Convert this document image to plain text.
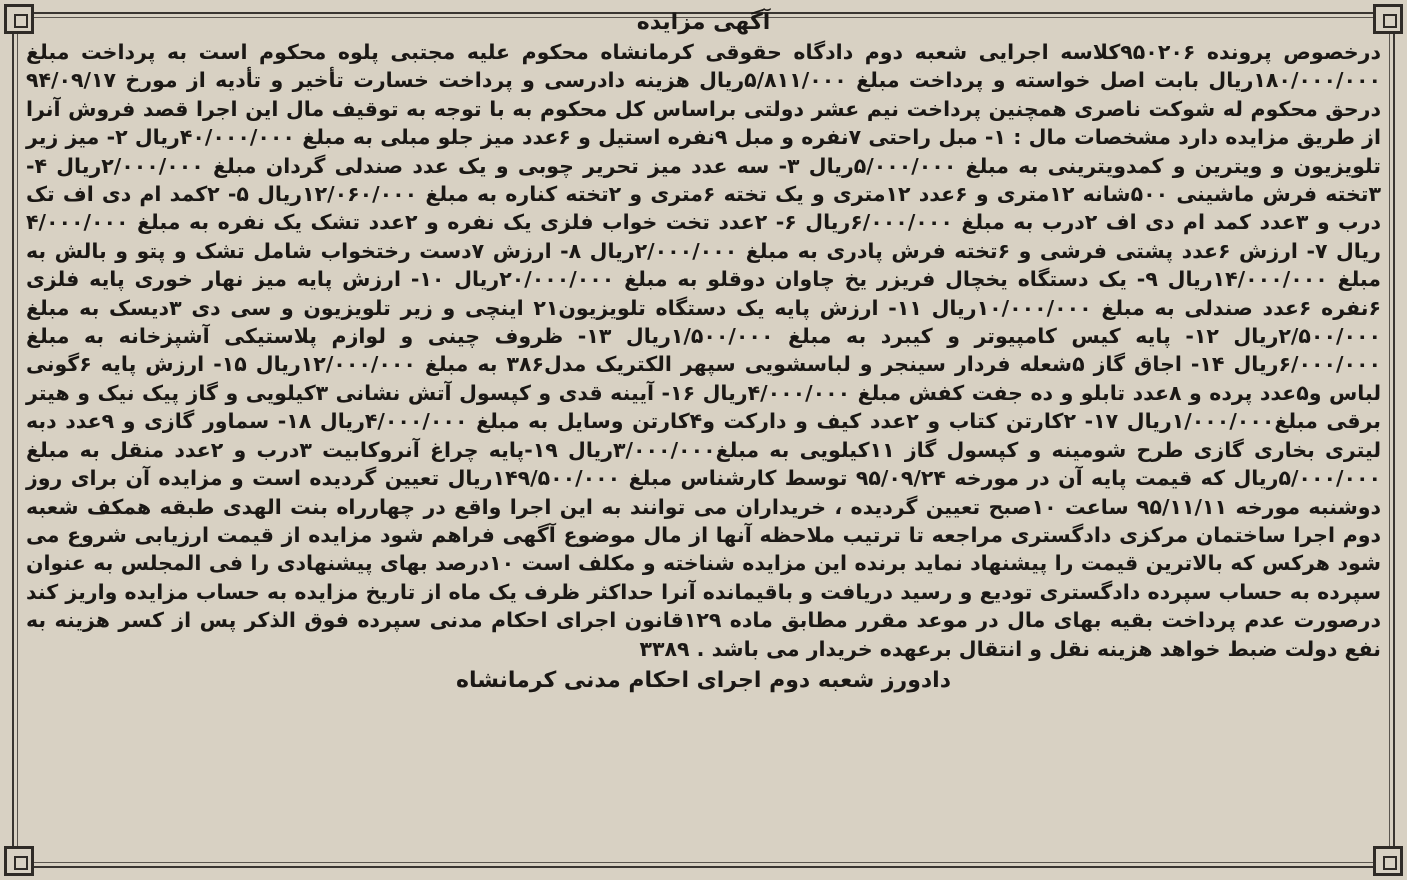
آگهی مزایده

درخصوص پرونده ۹۵۰۲۰۶کلاسه اجرایی شعبه دوم دادگاه حقوقی کرمانشاه محکوم علیه مجتبی پلوه محکوم است به پرداخت مبلغ ۱۸۰/۰۰۰/۰۰۰ریال بابت اصل خواسته و پرداخت مبلغ ۵/۸۱۱/۰۰۰ریال هزینه دادرسی و پرداخت خسارت تأخیر و تأدیه از مورخ ۹۴/۰۹/۱۷ درحق محکوم له شوکت ناصری همچنین پرداخت نیم عشر دولتی براساس کل محکوم به با توجه به توقیف مال این اجرا قصد فروش آنرا از طریق مزایده دارد مشخصات مال : ۱- مبل راحتی ۷نفره و مبل ۹نفره استیل و ۶عدد میز جلو مبلی به مبلغ ۴۰/۰۰۰/۰۰۰ریال ۲- میز زیر تلویزیون و ویترین و کمدویترینی به مبلغ ۵/۰۰۰/۰۰۰ریال ۳- سه عدد میز تحریر چوبی و یک عدد صندلی گردان مبلغ ۲/۰۰۰/۰۰۰ریال ۴- ۳تخته فرش ماشینی ۵۰۰شانه ۱۲متری و ۶عدد ۱۲متری و یک تخته ۶متری و ۲تخته کناره به مبلغ ۱۲/۰۶۰/۰۰۰ریال ۵- ۲کمد ام دی اف تک درب و ۳عدد کمد ام دی اف ۲درب به مبلغ ۶/۰۰۰/۰۰۰ریال ۶- ۲عدد تخت خواب فلزی یک نفره و ۲عدد تشک یک نفره به مبلغ ۴/۰۰۰/۰۰۰ ریال ۷- ارزش ۶عدد پشتی فرشی و ۶تخته فرش پادری به مبلغ ۲/۰۰۰/۰۰۰ریال ۸- ارزش ۷دست رختخواب شامل تشک و پتو و بالش به مبلغ ۱۴/۰۰۰/۰۰۰ریال ۹- یک دستگاه یخچال فریزر یخ چاوان دوقلو به مبلغ ۲۰/۰۰۰/۰۰۰ریال ۱۰- ارزش پایه میز نهار خوری پایه فلزی ۶نفره ۶عدد صندلی به مبلغ ۱۰/۰۰۰/۰۰۰ریال ۱۱- ارزش پایه یک دستگاه تلویزیون۲۱ اینچی و زیر تلویزیون و سی دی ۳دیسک به مبلغ ۲/۵۰۰/۰۰۰ریال ۱۲- پایه کیس کامپیوتر و کیبرد به مبلغ ۱/۵۰۰/۰۰۰ریال ۱۳- ظروف چینی و لوازم پلاستیکی آشپزخانه به مبلغ ۶/۰۰۰/۰۰۰ریال ۱۴- اجاق گاز ۵شعله فردار سینجر و لباسشویی سپهر الکتریک مدل۳۸۶ به مبلغ ۱۲/۰۰۰/۰۰۰ریال ۱۵- ارزش پایه ۶گونی لباس و۵عدد پرده و ۸عدد تابلو و ده جفت کفش مبلغ ۴/۰۰۰/۰۰۰ریال ۱۶- آیینه قدی و کپسول آتش نشانی ۳کیلویی و گاز پیک نیک و هیتر برقی مبلغ۱/۰۰۰/۰۰۰ریال ۱۷- ۲کارتن کتاب و ۲عدد کیف و دارکت و۴کارتن وسایل به مبلغ ۴/۰۰۰/۰۰۰ریال ۱۸- سماور گازی و ۹عدد دبه لیتری بخاری گازی طرح شومینه و کپسول گاز ۱۱کیلویی به مبلغ۳/۰۰۰/۰۰۰ریال ۱۹-پایه چراغ آنروکابیت ۳درب و ۲عدد منقل به مبلغ ۵/۰۰۰/۰۰۰ریال که قیمت پایه آن در مورخه ۹۵/۰۹/۲۴ توسط کارشناس مبلغ ۱۴۹/۵۰۰/۰۰۰ریال تعیین گردیده است و مزایده آن برای روز دوشنبه مورخه ۹۵/۱۱/۱۱ ساعت ۱۰صبح تعیین گردیده ، خریداران می توانند به این اجرا واقع در چهارراه بنت الهدی طبقه همکف شعبه دوم اجرا ساختمان مرکزی دادگستری مراجعه تا ترتیب ملاحظه آنها از مال موضوع آگهی فراهم شود مزایده از قیمت ارزیابی شروع می شود هرکس که بالاترین قیمت را پیشنهاد نماید برنده این مزایده شناخته و مکلف است ۱۰درصد بهای پیشنهادی را فی المجلس به عنوان سپرده به حساب سپرده دادگستری تودیع و رسید دریافت و باقیمانده آنرا حداکثر ظرف یک ماه از تاریخ مزایده به حساب مزایده واریز کند درصورت عدم پرداخت بقیه بهای مال در موعد مقرر مطابق ماده ۱۲۹قانون اجرای احکام مدنی سپرده فوق الذکر پس از کسر هزینه به نفع دولت ضبط خواهد هزینه نقل و انتقال برعهده خریدار می باشد . ۳۳۸۹

دادورز شعبه دوم اجرای احکام مدنی کرمانشاه
